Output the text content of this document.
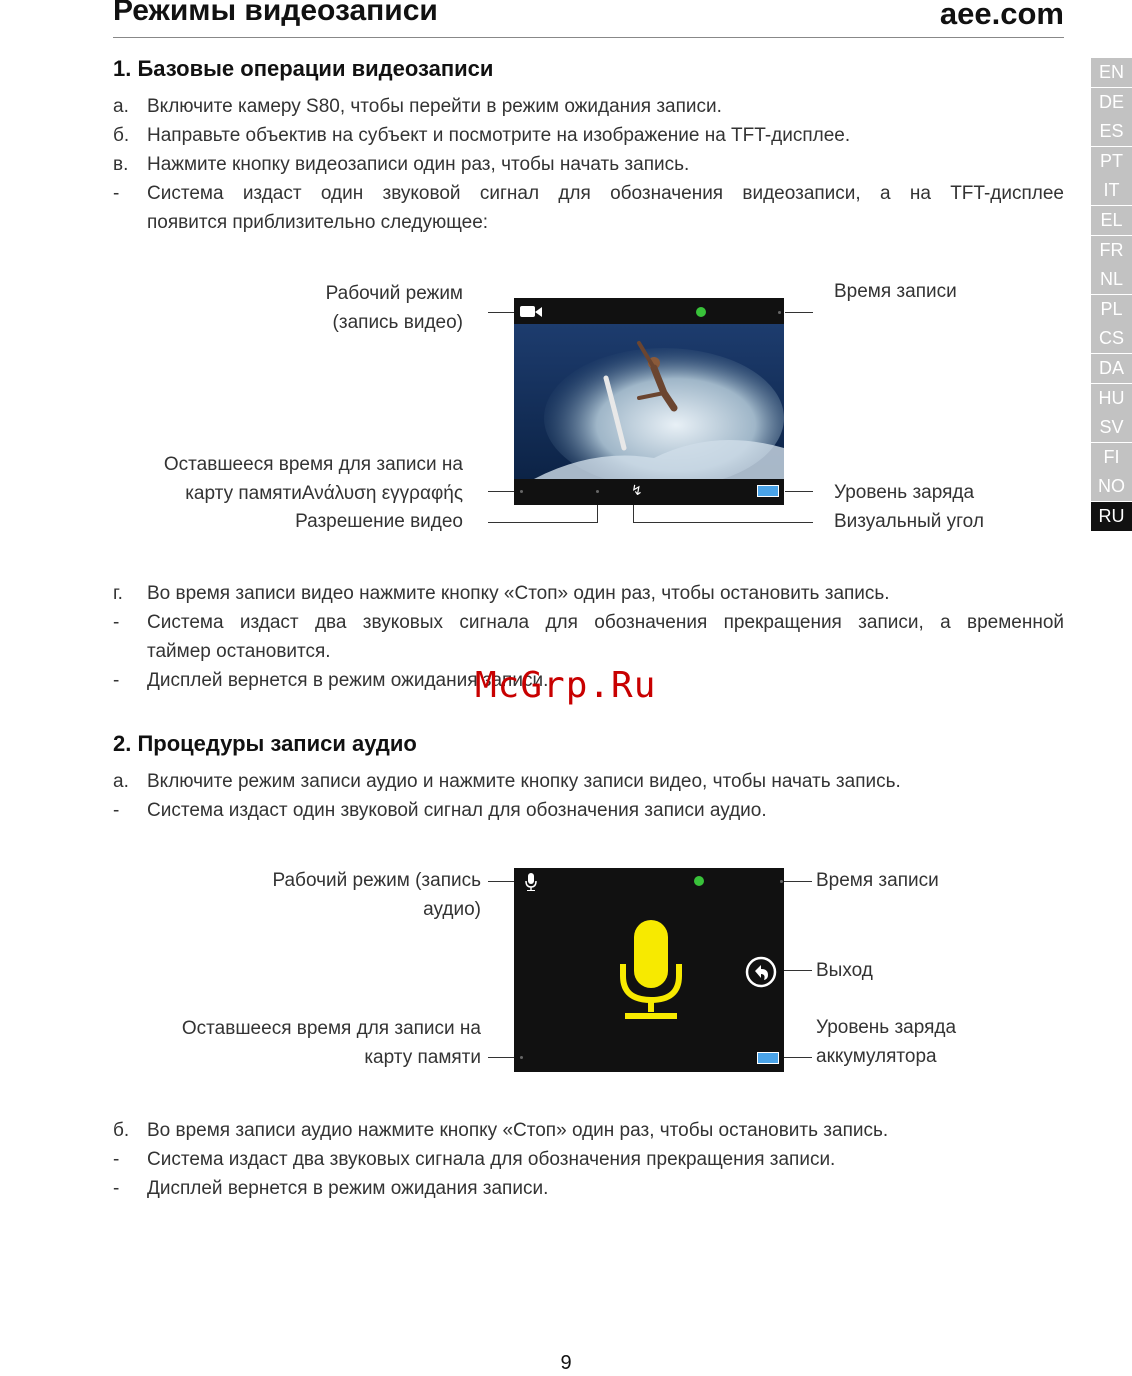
Режимы видеозаписи	aee.com
EN
DE
ES
PT
IT
EL
FR
NL
PL
CS
DA
HU
SV
FI
NO
RU
1. Базовые операции видеозаписи
а. Включите камеру S80, чтобы перейти в режим ожидания записи.
б. Направьте объектив на субъект и посмотрите на изображение на TFT-дисплее.
в. Нажмите кнопку видеозаписи один раз, чтобы начать запись.
-	Система издаст один звуковой сигнал для обозначения видеозаписи, а на TFT-дисплее
появится приблизительно следующее:
Рабочий режим
(запись видео)
Время записи
Оставшееся время для записи на
карту памятиΑνάλυση εγγραφής
Разрешение видео
Уровень заряда
Визуальный угол
↯
г.	Во время записи видео нажмите кнопку «Стоп» один раз, чтобы остановить запись.
-	Система издаст два звуковых сигнала для обозначения прекращения записи, а временной
таймер остановится.
-	Дисплей вернется в режим ожидания записи.
McGrp.Ru
2. Процедуры записи аудио
а. Включите режим записи аудио и нажмите кнопку записи видео, чтобы начать запись.
-	Система издаст один звуковой сигнал для обозначения записи аудио.
Рабочий режим (запись
аудио)
Время записи
Выход
Оставшееся время для записи на
карту памяти
Уровень заряда
аккумулятора
б. Во время записи аудио нажмите кнопку «Стоп» один раз, чтобы остановить запись.
-	Система издаст два звуковых сигнала для обозначения прекращения записи.
-	Дисплей вернется в режим ожидания записи.
9
